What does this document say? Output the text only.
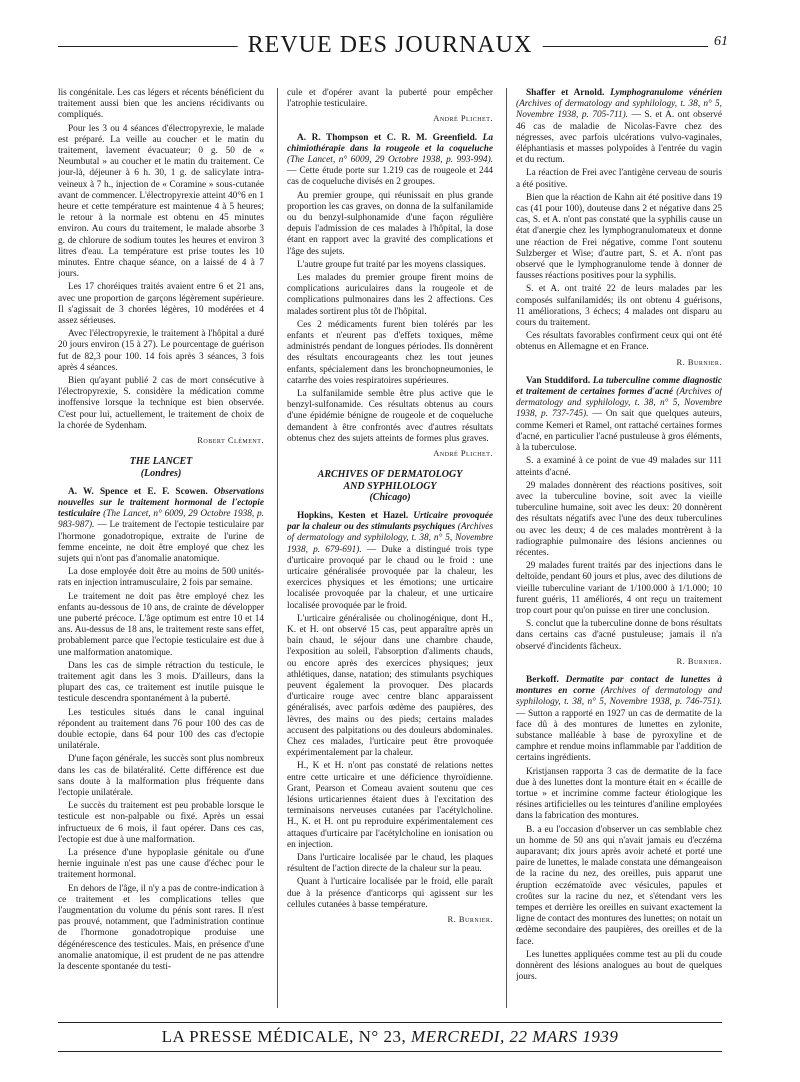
REVUE DES JOURNAUX	61

lis congénitale. Les cas légers et récents bénéficient du traitement aussi bien que les anciens récidivants ou compliqués.

Pour les 3 ou 4 séances d'électropyrexie, le malade est préparé. La veille au coucher et le matin du traitement, lavement évacuateur; 0 g. 50 de « Neumbutal » au coucher et le matin du traitement. Ce jour-là, déjeuner à 6 h. 30, 1 g. de salicylate intra-veineux à 7 h., injection de « Coramine » sous-cutanée avant de commencer. L'électropyrexie atteint 40°6 en 1 heure et cette température est maintenue 4 à 5 heures; le retour à la normale est obtenu en 45 minutes environ. Au cours du traitement, le malade absorbe 3 g. de chlorure de sodium toutes les heures et environ 3 litres d'eau. La température est prise toutes les 10 minutes. Entre chaque séance, on a laissé de 4 à 7 jours.

Les 17 choréiques traités avaient entre 6 et 21 ans, avec une proportion de garçons légèrement supérieure. Il s'agissait de 3 chorées légères, 10 modérées et 4 assez sérieuses.

Avec l'électropyrexie, le traitement à l'hôpital a duré 20 jours environ (15 à 27). Le pourcentage de guérison fut de 82,3 pour 100. 14 fois après 3 séances, 3 fois après 4 séances.

Bien qu'ayant publié 2 cas de mort consécutive à l'électropyrexie, S. considère la médication comme inoffensive lorsque la technique est bien observée. C'est pour lui, actuellement, le traitement de choix de la chorée de Sydenham.

Robert Clément.

THE LANCET

(Londres)

A. W. Spence et E. F. Scowen. Observations nouvelles sur le traitement hormonal de l'ectopie testiculaire (The Lancet, n° 6009, 29 Octobre 1938, p. 983-987). — Le traitement de l'ectopie testiculaire par l'hormone gonadotropique, extraite de l'urine de femme enceinte, ne doit être employé que chez les sujets qui n'ont pas d'anomalie anatomique.

La dose employée doit être au moins de 500 unités-rats en injection intramusculaire, 2 fois par semaine.

Le traitement ne doit pas être employé chez les enfants au-dessous de 10 ans, de crainte de développer une puberté précoce. L'âge optimum est entre 10 et 14 ans. Au-dessus de 18 ans, le traitement reste sans effet, probablement parce que l'ectopie testiculaire est due à une malformation anatomique.

Dans les cas de simple rétraction du testicule, le traitement agit dans les 3 mois. D'ailleurs, dans la plupart des cas, ce traitement est inutile puisque le testicule descendra spontanément à la puberté.

Les testicules situés dans le canal inguinal répondent au traitement dans 76 pour 100 des cas de double ectopie, dans 64 pour 100 des cas d'ectopie unilatérale.

D'une façon générale, les succès sont plus nombreux dans les cas de bilatéralité. Cette différence est due sans doute à la malformation plus fréquente dans l'ectopie unilatérale.

Le succès du traitement est peu probable lorsque le testicule est non-palpable ou fixé. Après un essai infructueux de 6 mois, il faut opérer. Dans ces cas, l'ectopie est due à une malformation.

La présence d'une hypoplasie génitale ou d'une hernie inguinale n'est pas une cause d'échec pour le traitement hormonal.

En dehors de l'âge, il n'y a pas de contre-indication à ce traitement et les complications telles que l'augmentation du volume du pénis sont rares. Il n'est pas prouvé, notamment, que l'administration continue de l'hormone gonadotropique produise une dégénérescence des testicules. Mais, en présence d'une anomalie anatomique, il est prudent de ne pas attendre la descente spontanée du testi-

cule et d'opérer avant la puberté pour empêcher l'atrophie testiculaire.

André Plichet.

A. R. Thompson et C. R. M. Greenfield. La chimiothérapie dans la rougeole et la coqueluche (The Lancet, n° 6009, 29 Octobre 1938, p. 993-994). — Cette étude porte sur 1.219 cas de rougeole et 244 cas de coqueluche divisés en 2 groupes.

Au premier groupe, qui réunissait en plus grande proportion les cas graves, on donna de la sulfanilamide ou du benzyl-sulphonamide d'une façon régulière depuis l'admission de ces malades à l'hôpital, la dose étant en rapport avec la gravité des complications et l'âge des sujets.

L'autre groupe fut traité par les moyens classiques.

Les malades du premier groupe firent moins de complications auriculaires dans la rougeole et de complications pulmonaires dans les 2 affections. Ces malades sortirent plus tôt de l'hôpital.

Ces 2 médicaments furent bien tolérés par les enfants et n'eurent pas d'effets toxiques, même administrés pendant de longues périodes. Ils donnèrent des résultats encourageants chez les tout jeunes enfants, spécialement dans les bronchopneumonies, le catarrhe des voies respiratoires supérieures.

La sulfanilamide semble être plus active que le benzyl-sulfonamide. Ces résultats obtenus au cours d'une épidémie bénigne de rougeole et de coqueluche demandent à être confrontés avec d'autres résultats obtenus chez des sujets atteints de formes plus graves.

André Plichet.

ARCHIVES OF DERMATOLOGY

AND SYPHILOLOGY

(Chicago)

Hopkins, Kesten et Hazel. Urticaire provoquée par la chaleur ou des stimulants psychiques (Archives of dermatology and syphilology, t. 38, n° 5, Novembre 1938, p. 679-691). — Duke a distingué trois type d'urticaire provoqué par le chaud ou le froid : une urticaire généralisée provoquée par la chaleur, les exercices physiques et les émotions; une urticaire localisée provoquée par la chaleur, et une urticaire localisée provoquée par le froid.

L'urticaire généralisée ou cholinogénique, dont H., K. et H. ont observé 15 cas, peut apparaître après un bain chaud, le séjour dans une chambre chaude, l'exposition au soleil, l'absorption d'aliments chauds, ou encore après des exercices physiques; jeux athlétiques, danse, natation; des stimulants psychiques peuvent également la provoquer. Des placards d'urticaire rouge avec centre blanc apparaissent généralisés, avec parfois œdème des paupières, des lèvres, des mains ou des pieds; certains malades accusent des palpitations ou des douleurs abdominales. Chez ces malades, l'urticaire peut être provoquée expérimentalement par la chaleur.

H., K et H. n'ont pas constaté de relations nettes entre cette urticaire et une déficience thyroïdienne. Grant, Pearson et Comeau avaient soutenu que ces lésions urticariennes étaient dues à l'excitation des terminaisons nerveuses cutanées par l'acétylcholine. H., K. et H. ont pu reproduire expérimentalement ces attaques d'urticaire par l'acétylcholine en ionisation ou en injection.

Dans l'urticaire localisée par le chaud, les plaques résultent de l'action directe de la chaleur sur la peau.

Quant à l'urticaire localisée par le froid, elle paraît due à la présence d'anticorps qui agissent sur les cellules cutanées à basse température.

R. Burnier.

Shaffer et Arnold. Lymphogranulome vénérien (Archives of dermatology and syphilology, t. 38, n° 5, Novembre 1938, p. 705-711). — S. et A. ont observé 46 cas de maladie de Nicolas-Favre chez des négresses, avec parfois ulcérations vulvo-vaginales, éléphantiasis et masses polypoïdes à l'entrée du vagin et du rectum.

La réaction de Frei avec l'antigène cerveau de souris a été positive.

Bien que la réaction de Kahn ait été positive dans 19 cas (41 pour 100), douteuse dans 2 et négative dans 25 cas, S. et A. n'ont pas constaté que la syphilis cause un état d'anergie chez les lymphogranulomateux et donne une réaction de Frei négative, comme l'ont soutenu Sulzberger et Wise; d'autre part, S. et A. n'ont pas observé que le lymphogranulome tende à donner de fausses réactions positives pour la syphilis.

S. et A. ont traité 22 de leurs malades par les composés sulfanilamidés; ils ont obtenu 4 guérisons, 11 améliorations, 3 échecs; 4 malades ont disparu au cours du traitement.

Ces résultats favorables confirment ceux qui ont été obtenus en Allemagne et en France.

R. Burnier.

Van Studdiford. La tuberculine comme diagnostic et traitement de certaines formes d'acné (Archives of dermatology and syphilology, t. 38, n° 5, Novembre 1938, p. 737-745). — On sait que quelques auteurs, comme Kemeri et Ramel, ont rattaché certaines formes d'acné, en particulier l'acné pustuleuse à gros éléments, à la tuberculose.

S. a examiné à ce point de vue 49 malades sur 111 atteints d'acné.

29 malades donnèrent des réactions positives, soit avec la tuberculine bovine, soit avec la vieille tuberculine humaine, soit avec les deux: 20 donnèrent des résultats négatifs avec l'une des deux tuberculines ou avec les deux; 4 de ces malades montrèrent à la radiographie pulmonaire des lésions anciennes ou récentes.

29 malades furent traités par des injections dans le deltoïde, pendant 60 jours et plus, avec des dilutions de vieille tuberculine variant de 1/100.000 à 1/1.000; 10 furent guéris, 11 améliorés, 4 ont reçu un traitement trop court pour qu'on puisse en tirer une conclusion.

S. conclut que la tuberculine donne de bons résultats dans certains cas d'acné pustuleuse; jamais il n'a observé d'incidents fâcheux.

R. Burnier.

Berkoff. Dermatite par contact de lunettes à montures en corne (Archives of dermatology and syphilology, t. 38, n° 5, Novembre 1938, p. 746-751). — Sutton a rapporté en 1927 un cas de dermatite de la face dû à des montures de lunettes en zylonite, substance malléable à base de pyroxyline et de camphre et rendue moins inflammable par l'addition de certains ingrédients.

Kristjansen rapporta 3 cas de dermatite de la face due à des lunettes dont la monture était en « écaille de tortue » et incrimine comme facteur étiologique les résines artificielles ou les teintures d'aniline employées dans la fabrication des montures.

B. a eu l'occasion d'observer un cas semblable chez un homme de 50 ans qui n'avait jamais eu d'eczéma auparavant; dix jours après avoir acheté et porté une paire de lunettes, le malade constata une démangeaison de la racine du nez, des oreilles, puis apparut une éruption eczématoïde avec vésicules, papules et croûtes sur la racine du nez, et s'étendant vers les tempes et derrière les oreilles en suivant exactement la ligne de contact des montures des lunettes; on notait un œdème secondaire des paupières, des oreilles et de la face.

Les lunettes appliquées comme test au pli du coude donnèrent des lésions analogues au bout de quelques jours.

LA PRESSE MÉDICALE, N° 23, MERCREDI, 22 MARS 1939
